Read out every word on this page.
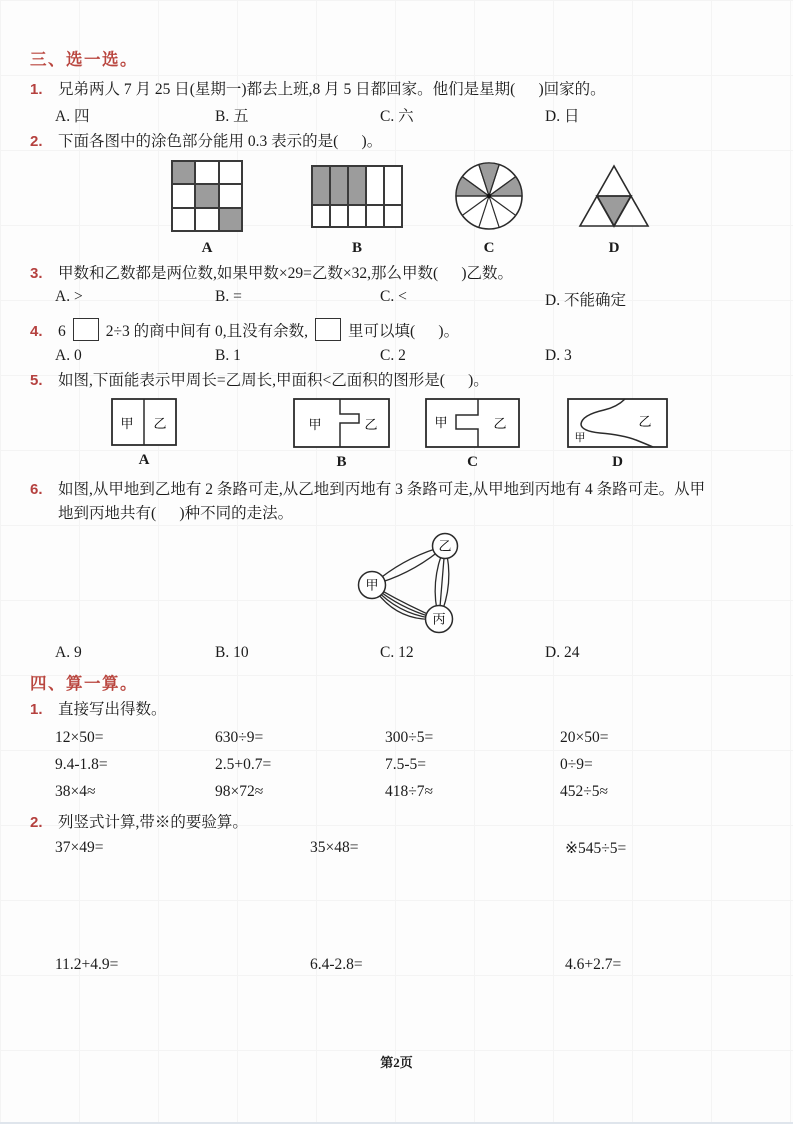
三、选一选。
1. 兄弟两人 7 月 25 日(星期一)都去上班,8 月 5 日都回家。他们是星期(      )回家的。
A. 四	B. 五	C. 六	D. 日
2. 下面各图中的涂色部分能用 0.3 表示的是(      )。
A	B	C	D
3. 甲数和乙数都是两位数,如果甲数×29=乙数×32,那么甲数(      )乙数。
A. >	B. =	C. <	D. 不能确定
4. 6	2÷3 的商中间有 0,且没有余数,	里可以填(      )。
A. 0	B. 1	C. 2	D. 3
5. 如图,下面能表示甲周长=乙周长,甲面积<乙面积的图形是(      )。
甲 乙
A
甲	乙
B
甲	乙
C
甲
乙
D
6. 如图,从甲地到乙地有 2 条路可走,从乙地到丙地有 3 条路可走,从甲地到丙地有 4 条路可走。从甲
地到丙地共有(      )种不同的走法。
乙
甲
丙
A. 9	B. 10	C. 12	D. 24
四、算一算。
1. 直接写出得数。
12×50=	630÷9=	300÷5=	20×50=
9.4-1.8=	2.5+0.7=	7.5-5=	0÷9=
38×4≈	98×72≈	418÷7≈	452÷5≈
2. 列竖式计算,带※的要验算。
37×49=	35×48=	※545÷5=
11.2+4.9=	6.4-2.8=	4.6+2.7=
第2页
